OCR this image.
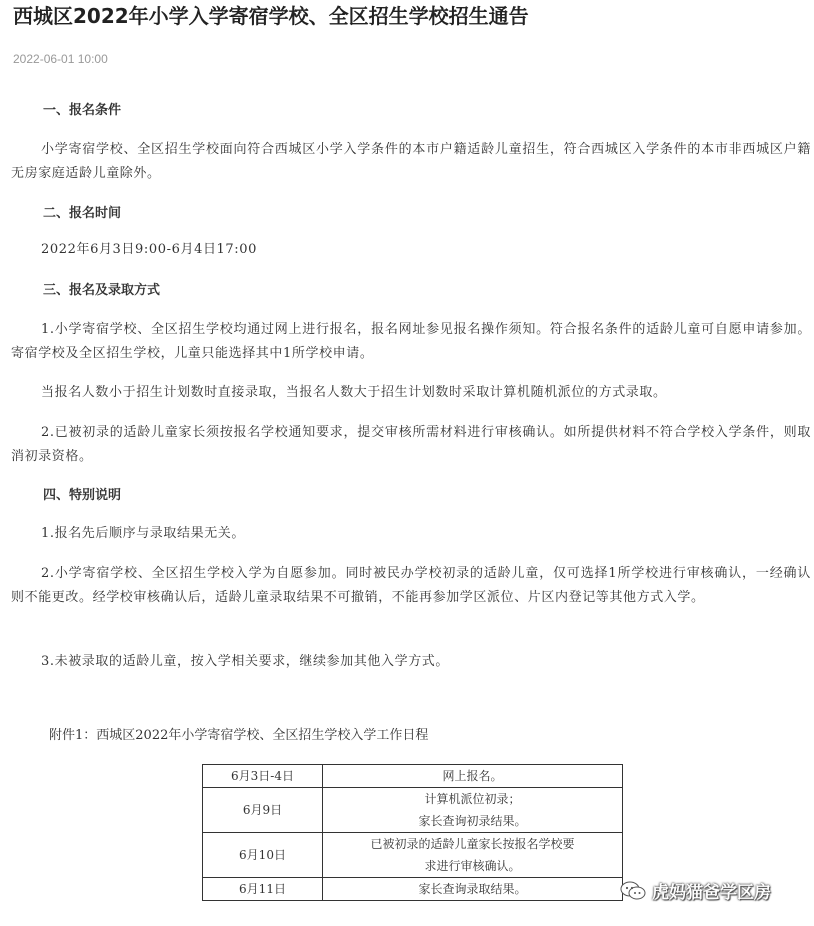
西城区2022年小学入学寄宿学校、全区招生学校招生通告
2022-06-01 10:00
一、报名条件

小学寄宿学校、全区招生学校面向符合西城区小学入学条件的本市户籍适龄儿童招生，符合西城区入学条件的本市非西城区户籍无房家庭适龄儿童除外。

二、报名时间

2022年6月3日9:00-6月4日17:00

三、报名及录取方式

1.小学寄宿学校、全区招生学校均通过网上进行报名，报名网址参见报名操作须知。符合报名条件的适龄儿童可自愿申请参加。寄宿学校及全区招生学校，儿童只能选择其中1所学校申请。

当报名人数小于招生计划数时直接录取，当报名人数大于招生计划数时采取计算机随机派位的方式录取。

2.已被初录的适龄儿童家长须按报名学校通知要求，提交审核所需材料进行审核确认。如所提供材料不符合学校入学条件，则取消初录资格。

四、特别说明

1.报名先后顺序与录取结果无关。

2.小学寄宿学校、全区招生学校入学为自愿参加。同时被民办学校初录的适龄儿童，仅可选择1所学校进行审核确认，一经确认则不能更改。经学校审核确认后，适龄儿童录取结果不可撤销，不能再参加学区派位、片区内登记等其他方式入学。

3.未被录取的适龄儿童，按入学相关要求，继续参加其他入学方式。

附件1：西城区2022年小学寄宿学校、全区招生学校入学工作日程
6月3日-4日	网上报名。
6月9日	计算机派位初录；
家长查询初录结果。

6月10日	已被初录的适龄儿童家长按报名学校要
求进行审核确认。

6月11日	家长查询录取结果。	虎妈猫爸学区房
